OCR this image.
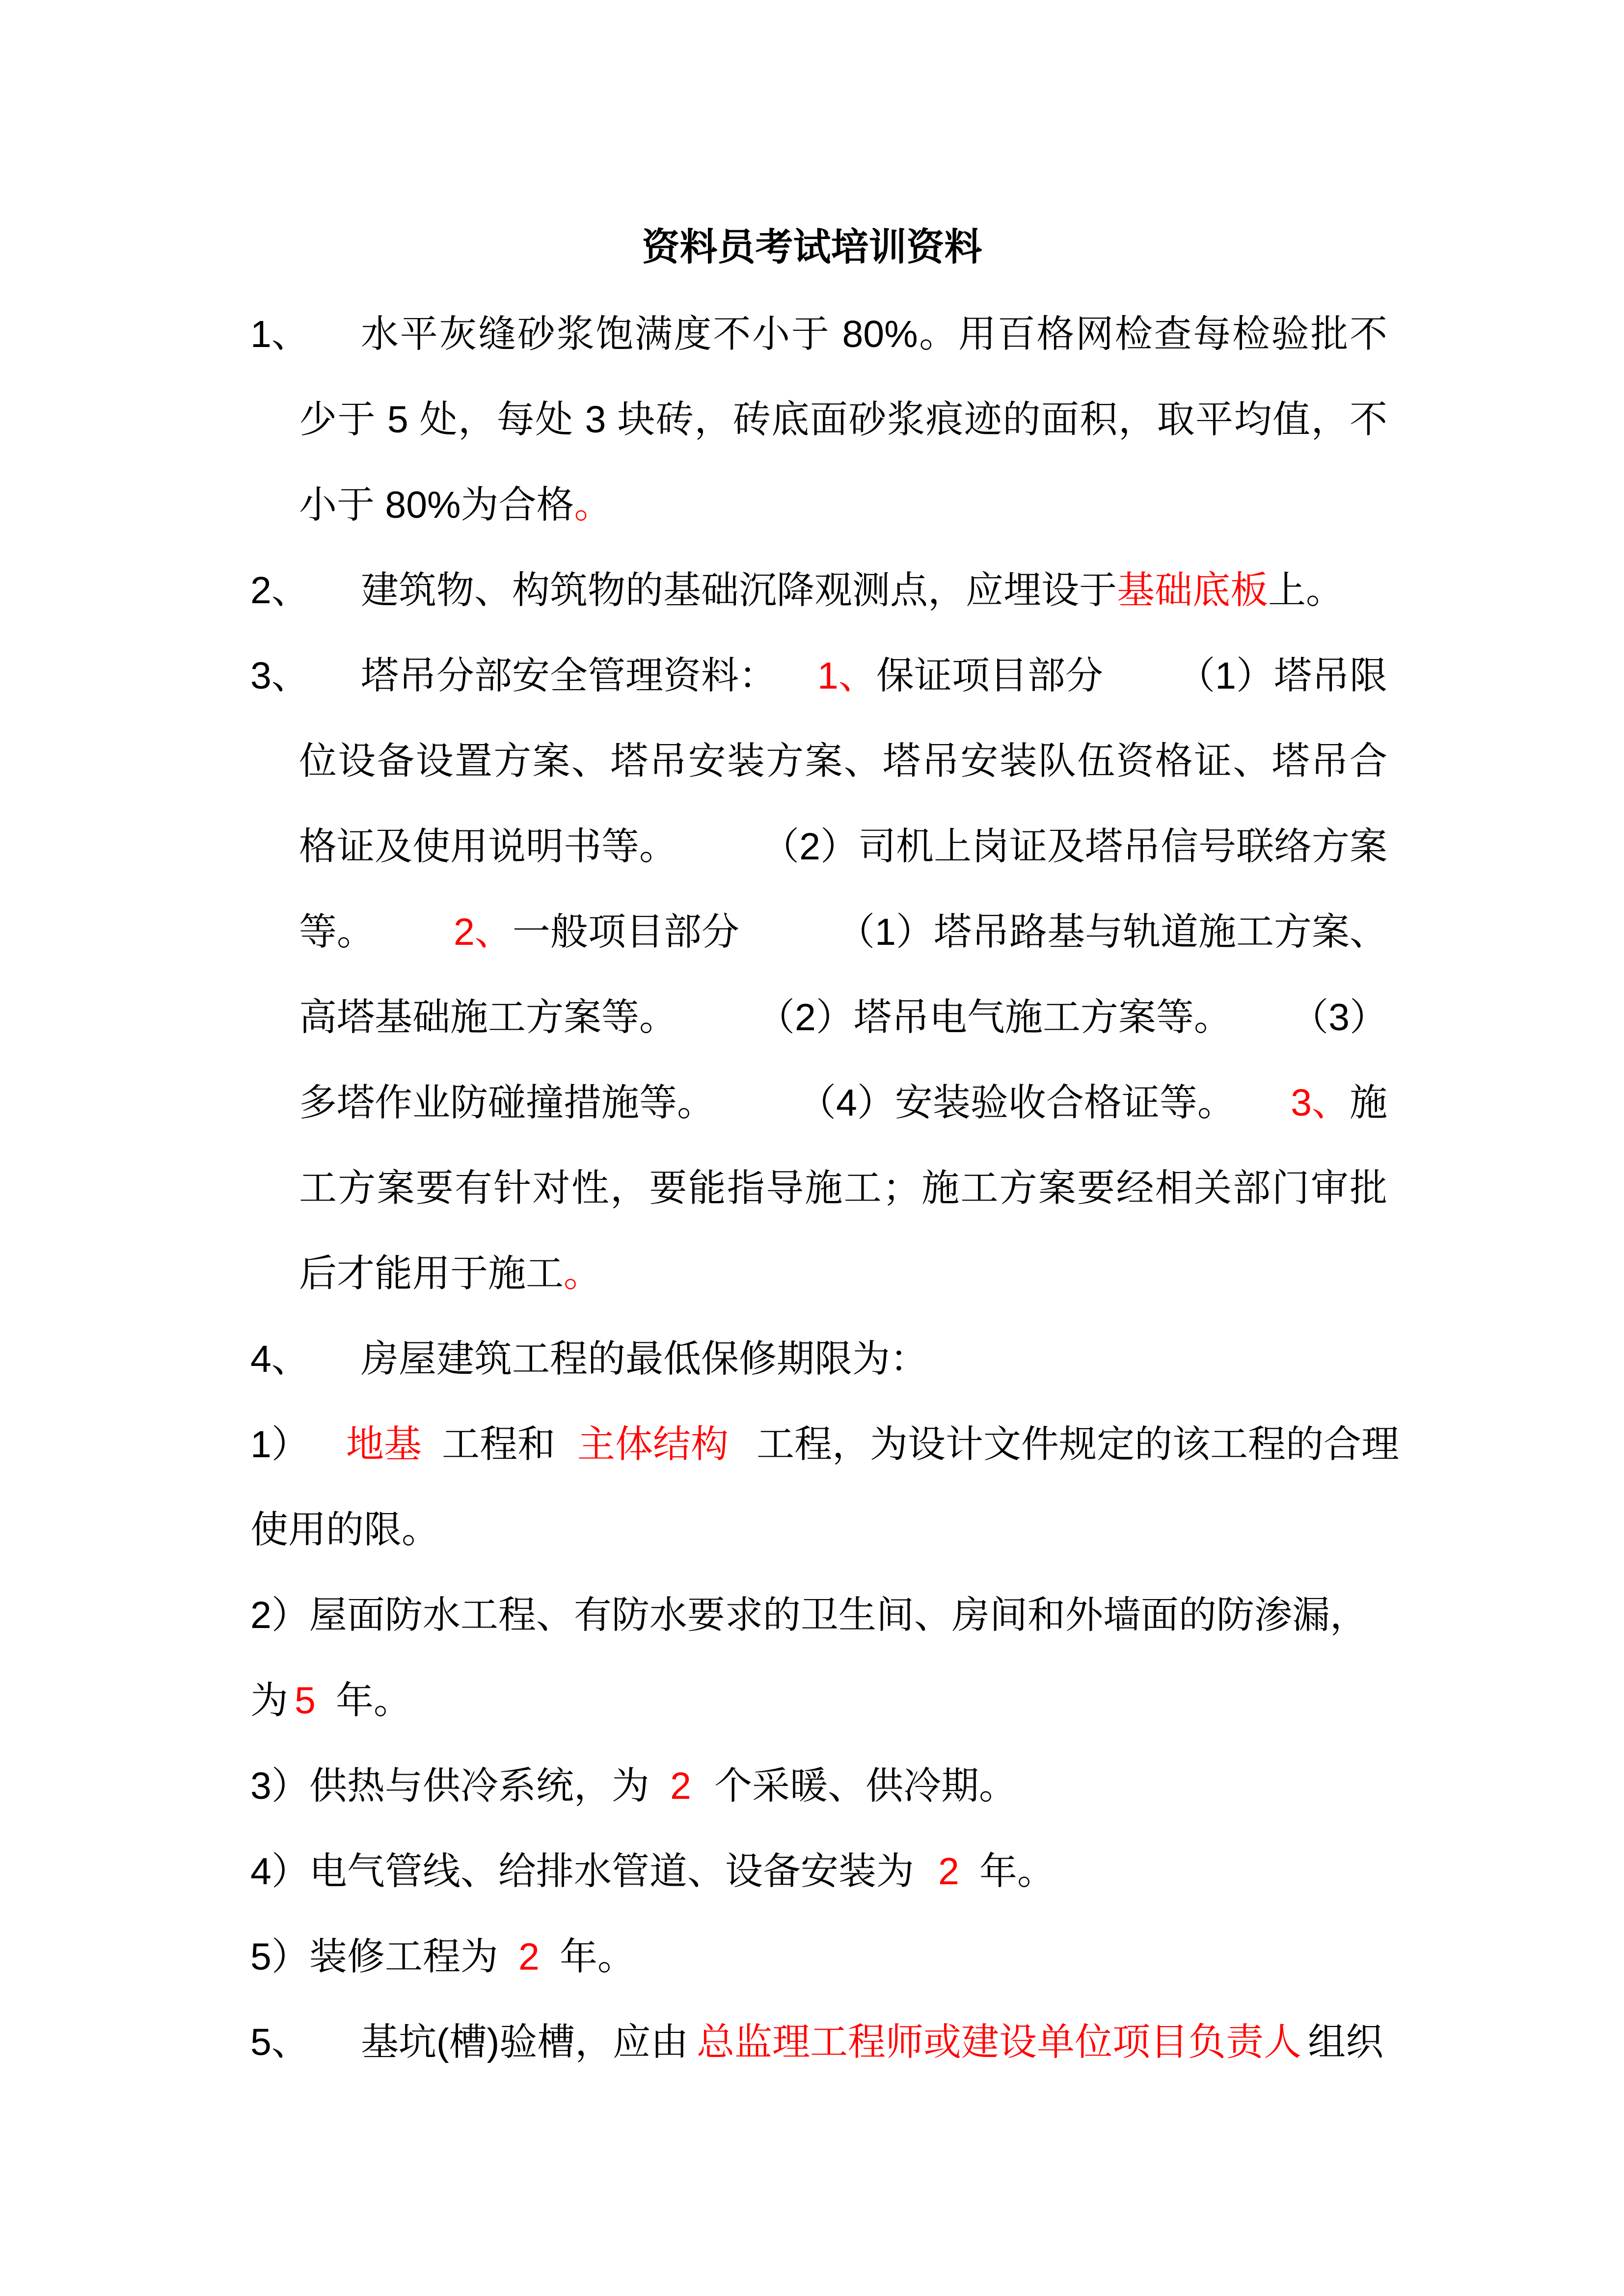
资料员考试培训资料
1、 水平灰缝砂浆饱满度不小于 80%。用百格网检查每检验批不
少于 5 处，每处 3 块砖，砖底面砂浆痕迹的面积，取平均值，不
小于 80%为合格。
2、 建筑物、构筑物的基础沉降观测点，应埋设于基础底板上。
3、 塔吊分部安全管理资料： 1、保证项目部分 （1）塔吊限
位设备设置方案、塔吊安装方案、塔吊安装队伍资格证、塔吊合
格证及使用说明书等。 （2）司机上岗证及塔吊信号联络方案
等。 2、一般项目部分	（1）塔吊路基与轨道施工方案、
高塔基础施工方案等。 （2）塔吊电气施工方案等。 （3）
多塔作业防碰撞措施等。 （4）安装验收合格证等。 3、施
工方案要有针对性，要能指导施工；施工方案要经相关部门审批
后才能用于施工。
4、 房屋建筑工程的最低保修期限为：
1） 地基 工程和 主体结构 工程，为设计文件规定的该工程的合理
使用的限。
2）屋面防水工程、有防水要求的卫生间、房间和外墙面的防渗漏，
为 5 年。
3）供热与供冷系统，为 2 个采暖、供冷期。
4）电气管线、给排水管道、设备安装为 2 年。
5）装修工程为 2 年。
5、 基坑(槽)验槽，应由 总监理工程师或建设单位项目负责人 组织
